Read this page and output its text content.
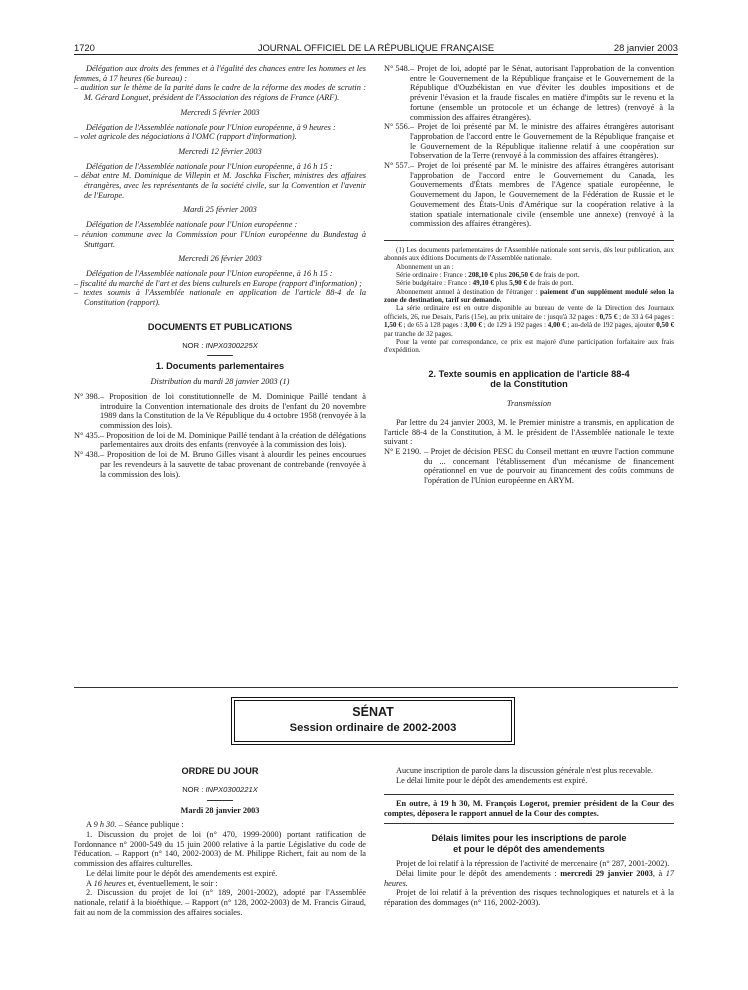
1720	JOURNAL OFFICIEL DE LA RÉPUBLIQUE FRANÇAISE	28 janvier 2003

Délégation aux droits des femmes et à l'égalité des chances entre les hommes et les femmes, à 17 heures (6e bureau) :

– audition sur le thème de la parité dans le cadre de la réforme des modes de scrutin : M. Gérard Longuet, président de l'Association des régions de France (ARF).

Mercredi 5 février 2003

Délégation de l'Assemblée nationale pour l'Union européenne, à 9 heures :

– volet agricole des négociations à l'OMC (rapport d'information).

Mercredi 12 février 2003

Délégation de l'Assemblée nationale pour l'Union européenne, à 16 h 15 :

– débat entre M. Dominique de Villepin et M. Joschka Fischer, ministres des affaires étrangères, avec les représentants de la société civile, sur la Convention et l'avenir de l'Europe.

Mardi 25 février 2003

Délégation de l'Assemblée nationale pour l'Union européenne :

– réunion commune avec la Commission pour l'Union européenne du Bundestag à Stuttgart.

Mercredi 26 février 2003

Délégation de l'Assemblée nationale pour l'Union européenne, à 16 h 15 :

– fiscalité du marché de l'art et des biens culturels en Europe (rapport d'information) ;

– textes soumis à l'Assemblée nationale en application de l'article 88-4 de la Constitution (rapport).

DOCUMENTS ET PUBLICATIONS

NOR : INPX0300225X

1. Documents parlementaires

Distribution du mardi 28 janvier 2003 (1)

N° 398. – Proposition de loi constitutionnelle de M. Dominique Paillé tendant à introduire la Convention internationale des droits de l'enfant du 20 novembre 1989 dans la Constitution de la Ve République du 4 octobre 1958 (renvoyée à la commission des lois).
N° 435. – Proposition de loi de M. Dominique Paillé tendant à la création de délégations parlementaires aux droits des enfants (renvoyée à la commission des lois).
N° 438. – Proposition de loi de M. Bruno Gilles visant à alourdir les peines encourues par les revendeurs à la sauvette de tabac provenant de contrebande (renvoyée à la commission des lois).
N° 548. – Projet de loi, adopté par le Sénat, autorisant l'approbation de la convention entre le Gouvernement de la République française et le Gouvernement de la République d'Ouzbékistan en vue d'éviter les doubles impositions et de prévenir l'évasion et la fraude fiscales en matière d'impôts sur le revenu et la fortune (ensemble un protocole et un échange de lettres) (renvoyé à la commission des affaires étrangères).
N° 556. – Projet de loi présenté par M. le ministre des affaires étrangères autorisant l'approbation de l'accord entre le Gouvernement de la République française et le Gouvernement de la République italienne relatif à une coopération sur l'observation de la Terre (renvoyé à la commission des affaires étrangères).
N° 557. – Projet de loi présenté par M. le ministre des affaires étrangères autorisant l'approbation de l'accord entre le Gouvernement du Canada, les Gouvernements d'États membres de l'Agence spatiale européenne, le Gouvernement du Japon, le Gouvernement de la Fédération de Russie et le Gouvernement des États-Unis d'Amérique sur la coopération relative à la station spatiale internationale civile (ensemble une annexe) (renvoyé à la commission des affaires étrangères).

(1) Les documents parlementaires de l'Assemblée nationale sont servis, dès leur publication, aux abonnés aux éditions Documents de l'Assemblée nationale.

Abonnement un an :

Série ordinaire : France : 208,10 € plus 206,50 € de frais de port.

Série budgétaire : France : 49,10 € plus 5,90 € de frais de port.

Abonnement annuel à destination de l'étranger : paiement d'un supplément modulé selon la zone de destination, tarif sur demande.

La série ordinaire est en outre disponible au bureau de vente de la Direction des Journaux officiels, 26, rue Desaix, Paris (15e), au prix unitaire de : jusqu'à 32 pages : 0,75 € ; de 33 à 64 pages : 1,50 € ; de 65 à 128 pages : 3,00 € ; de 129 à 192 pages : 4,00 € ; au-delà de 192 pages, ajouter 0,50 € par tranche de 32 pages.

Pour la vente par correspondance, ce prix est majoré d'une participation forfaitaire aux frais d'expédition.

2. Texte soumis en application de l'article 88-4
de la Constitution

Transmission

Par lettre du 24 janvier 2003, M. le Premier ministre a transmis, en application de l'article 88-4 de la Constitution, à M. le président de l'Assemblée nationale le texte suivant :

N° E 2190. – Projet de décision PESC du Conseil mettant en œuvre l'action commune du ... concernant l'établissement d'un mécanisme de financement opérationnel en vue de pourvoir au financement des coûts communs de l'opération de l'Union européenne en ARYM.
SÉNAT
Session ordinaire de 2002-2003

ORDRE DU JOUR

NOR : INPX0300221X

Mardi 28 janvier 2003

A 9 h 30. – Séance publique :

1. Discussion du projet de loi (n° 470, 1999-2000) portant ratification de l'ordonnance n° 2000-549 du 15 juin 2000 relative à la partie Législative du code de l'éducation. – Rapport (n° 140, 2002-2003) de M. Philippe Richert, fait au nom de la commission des affaires culturelles.

Le délai limite pour le dépôt des amendements est expiré.

A 16 heures et, éventuellement, le soir :

2. Discussion du projet de loi (n° 189, 2001-2002), adopté par l'Assemblée nationale, relatif à la bioéthique. – Rapport (n° 128, 2002-2003) de M. Francis Giraud, fait au nom de la commission des affaires sociales.

Aucune inscription de parole dans la discussion générale n'est plus recevable.

Le délai limite pour le dépôt des amendements est expiré.

En outre, à 19 h 30, M. François Logerot, premier président de la Cour des comptes, déposera le rapport annuel de la Cour des comptes.

Délais limites pour les inscriptions de parole
et pour le dépôt des amendements

Projet de loi relatif à la répression de l'activité de mercenaire (n° 287, 2001-2002).

Délai limite pour le dépôt des amendements : mercredi 29 janvier 2003, à 17 heures.

Projet de loi relatif à la prévention des risques technologiques et naturels et à la réparation des dommages (n° 116, 2002-2003).
